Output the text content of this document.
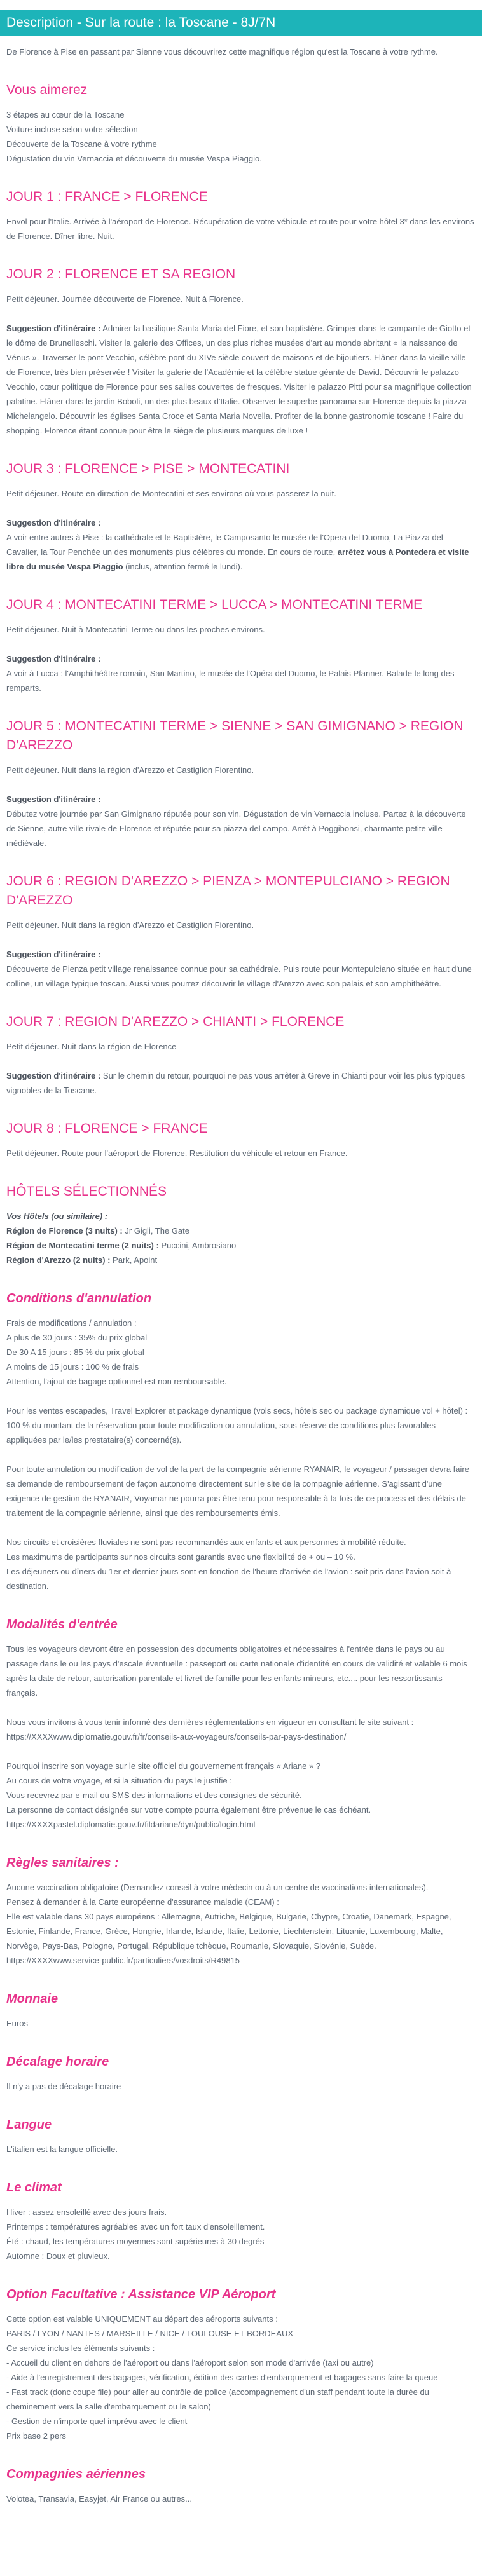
Description - Sur la route : la Toscane - 8J/7N

De Florence à Pise en passant par Sienne vous découvrirez cette magnifique région qu'est la Toscane à votre rythme.

Vous aimerez

3 étapes au cœur de la Toscane

Voiture incluse selon votre sélection

Découverte de la Toscane à votre rythme

Dégustation du vin Vernaccia et découverte du musée Vespa Piaggio.

JOUR 1 : FRANCE > FLORENCE

Envol pour l'Italie. Arrivée à l'aéroport de Florence. Récupération de votre véhicule et route pour votre hôtel 3* dans les environs de Florence. Dîner libre. Nuit.

JOUR 2 : FLORENCE ET SA REGION

Petit déjeuner. Journée découverte de Florence. Nuit à Florence.

Suggestion d'itinéraire : Admirer la basilique Santa Maria del Fiore, et son baptistère. Grimper dans le campanile de Giotto et le dôme de Brunelleschi. Visiter la galerie des Offices, un des plus riches musées d'art au monde abritant « la naissance de Vénus ». Traverser le pont Vecchio, célèbre pont du XIVe siècle couvert de maisons et de bijoutiers. Flâner dans la vieille ville de Florence, très bien préservée ! Visiter la galerie de l'Académie et la célèbre statue géante de David. Découvrir le palazzo Vecchio, cœur politique de Florence pour ses salles couvertes de fresques. Visiter le palazzo Pitti pour sa magnifique collection palatine. Flâner dans le jardin Boboli, un des plus beaux d'Italie. Observer le superbe panorama sur Florence depuis la piazza Michelangelo. Découvrir les églises Santa Croce et Santa Maria Novella. Profiter de la bonne gastronomie toscane ! Faire du shopping. Florence étant connue pour être le siège de plusieurs marques de luxe !

JOUR 3 : FLORENCE > PISE > MONTECATINI

Petit déjeuner. Route en direction de Montecatini et ses environs où vous passerez la nuit.

Suggestion d'itinéraire :

A voir entre autres à Pise : la cathédrale et le Baptistère, le Camposanto le musée de l'Opera del Duomo, La Piazza del Cavalier, la Tour Penchée un des monuments plus célèbres du monde. En cours de route, arrêtez vous à Pontedera et visite libre du musée Vespa Piaggio (inclus, attention fermé le lundi).

JOUR 4 : MONTECATINI TERME > LUCCA > MONTECATINI TERME

Petit déjeuner. Nuit à Montecatini Terme ou dans les proches environs.

Suggestion d'itinéraire :

A voir à Lucca : l'Amphithéâtre romain, San Martino, le musée de l'Opéra del Duomo, le Palais Pfanner. Balade le long des remparts.

JOUR 5 : MONTECATINI TERME > SIENNE > SAN GIMIGNANO > REGION D'AREZZO

Petit déjeuner. Nuit dans la région d'Arezzo et Castiglion Fiorentino.

Suggestion d'itinéraire :

Débutez votre journée par San Gimignano réputée pour son vin. Dégustation de vin Vernaccia incluse. Partez à la découverte de Sienne, autre ville rivale de Florence et réputée pour sa piazza del campo. Arrêt à Poggibonsi, charmante petite ville médiévale.

JOUR 6 : REGION D'AREZZO > PIENZA > MONTEPULCIANO > REGION D'AREZZO

Petit déjeuner. Nuit dans la région d'Arezzo et Castiglion Fiorentino.

Suggestion d'itinéraire :

Découverte de Pienza petit village renaissance connue pour sa cathédrale. Puis route pour Montepulciano située en haut d'une colline, un village typique toscan. Aussi vous pourrez découvrir le village d'Arezzo avec son palais et son amphithéâtre.

JOUR 7 : REGION D'AREZZO > CHIANTI > FLORENCE

Petit déjeuner. Nuit dans la région de Florence

Suggestion d'itinéraire : Sur le chemin du retour, pourquoi ne pas vous arrêter à Greve in Chianti pour voir les plus typiques vignobles de la Toscane.

JOUR 8 : FLORENCE > FRANCE

Petit déjeuner. Route pour l'aéroport de Florence. Restitution du véhicule et retour en France.

HÔTELS SÉLECTIONNÉS

Vos Hôtels (ou similaire) :

Région de Florence (3 nuits) : Jr Gigli, The Gate

Région de Montecatini terme (2 nuits) : Puccini, Ambrosiano

Région d'Arezzo (2 nuits) : Park, Apoint

Conditions d'annulation

Frais de modifications / annulation :

A plus de 30 jours : 35% du prix global

De 30 A 15 jours : 85 % du prix global

A moins de 15 jours : 100 % de frais

Attention, l'ajout de bagage optionnel est non remboursable.

Pour les ventes escapades, Travel Explorer et package dynamique (vols secs, hôtels sec ou package dynamique vol + hôtel) : 100 % du montant de la réservation pour toute modification ou annulation, sous réserve de conditions plus favorables appliquées par le/les prestataire(s) concerné(s).

Pour toute annulation ou modification de vol de la part de la compagnie aérienne RYANAIR, le voyageur / passager devra faire sa demande de remboursement de façon autonome directement sur le site de la compagnie aérienne. S'agissant d'une exigence de gestion de RYANAIR, Voyamar ne pourra pas être tenu pour responsable à la fois de ce process et des délais de traitement de la compagnie aérienne, ainsi que des remboursements émis.

Nos circuits et croisières fluviales ne sont pas recommandés aux enfants et aux personnes à mobilité réduite.

Les maximums de participants sur nos circuits sont garantis avec une flexibilité de + ou – 10 %.

Les déjeuners ou dîners du 1er et dernier jours sont en fonction de l'heure d'arrivée de l'avion : soit pris dans l'avion soit à destination.

Modalités d'entrée

Tous les voyageurs devront être en possession des documents obligatoires et nécessaires à l'entrée dans le pays ou au passage dans le ou les pays d'escale éventuelle : passeport ou carte nationale d'identité en cours de validité et valable 6 mois après la date de retour, autorisation parentale et livret de famille pour les enfants mineurs, etc.... pour les ressortissants français.

Nous vous invitons à vous tenir informé des dernières réglementations en vigueur en consultant le site suivant : https://XXXXwww.diplomatie.gouv.fr/fr/conseils-aux-voyageurs/conseils-par-pays-destination/

Pourquoi inscrire son voyage sur le site officiel du gouvernement français « Ariane » ?

Au cours de votre voyage, et si la situation du pays le justifie :

Vous recevrez par e-mail ou SMS des informations et des consignes de sécurité.

La personne de contact désignée sur votre compte pourra également être prévenue le cas échéant.

https://XXXXpastel.diplomatie.gouv.fr/fildariane/dyn/public/login.html

Règles sanitaires :

Aucune vaccination obligatoire (Demandez conseil à votre médecin ou à un centre de vaccinations internationales).

Pensez à demander à la Carte européenne d'assurance maladie (CEAM) :

Elle est valable dans 30 pays européens : Allemagne, Autriche, Belgique, Bulgarie, Chypre, Croatie, Danemark, Espagne, Estonie, Finlande, France, Grèce, Hongrie, Irlande, Islande, Italie, Lettonie, Liechtenstein, Lituanie, Luxembourg, Malte, Norvège, Pays-Bas, Pologne, Portugal, République tchèque, Roumanie, Slovaquie, Slovénie, Suède.

https://XXXXwww.service-public.fr/particuliers/vosdroits/R49815

Monnaie

Euros

Décalage horaire

Il n'y a pas de décalage horaire

Langue

L'italien est la langue officielle.

Le climat

Hiver : assez ensoleillé avec des jours frais.

Printemps : températures agréables avec un fort taux d'ensoleillement.

Été : chaud, les températures moyennes sont supérieures à 30 degrés

Automne : Doux et pluvieux.

Option Facultative : Assistance VIP Aéroport

Cette option est valable UNIQUEMENT au départ des aéroports suivants :

PARIS / LYON / NANTES / MARSEILLE / NICE / TOULOUSE ET BORDEAUX

Ce service inclus les éléments suivants :

- Accueil du client en dehors de l'aéroport ou dans l'aéroport selon son mode d'arrivée (taxi ou autre)

- Aide à l'enregistrement des bagages, vérification, édition des cartes d'embarquement et bagages sans faire la queue

- Fast track (donc coupe file) pour aller au contrôle de police (accompagnement d'un staff pendant toute la durée du cheminement vers la salle d'embarquement ou le salon)

- Gestion de n'importe quel imprévu avec le client

Prix base 2 pers

Compagnies aériennes

Volotea, Transavia, Easyjet, Air France ou autres...
